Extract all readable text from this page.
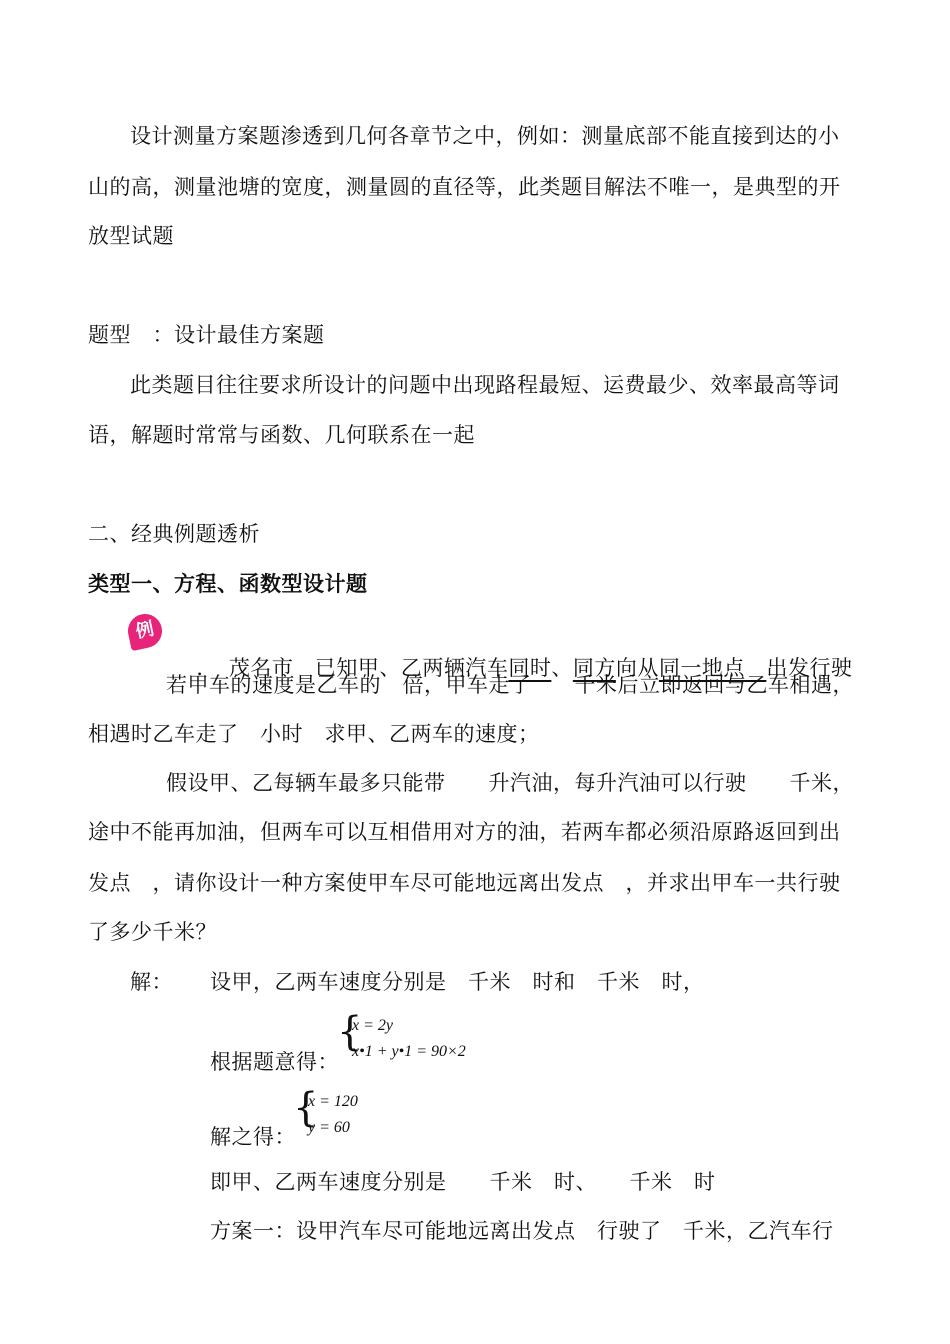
设计测量方案题渗透到几何各章节之中，例如：测量底部不能直接到达的小
山的高，测量池塘的宽度，测量圆的直径等，此类题目解法不唯一，是典型的开
放型试题
题型　：设计最佳方案题
此类题目往往要求所设计的问题中出现路程最短、运费最少、效率最高等词
语，解题时常常与函数、几何联系在一起
二、经典例题透析
类型一、方程、函数型设计题
例

．　茂名市　已知甲、乙两辆汽车同时、同方向从同一地点　出发行驶

若甲车的速度是乙车的　倍，甲车走了　　千米后立即返回与乙车相遇，
相遇时乙车走了　小时　求甲、乙两车的速度；
假设甲、乙每辆车最多只能带　　升汽油，每升汽油可以行驶　　千米，
途中不能再加油，但两车可以互相借用对方的油，若两车都必须沿原路返回到出
发点　，请你设计一种方案使甲车尽可能地远离出发点　，并求出甲车一共行驶
了多少千米？
解：	设甲，乙两车速度分别是　千米　时和　千米　时，
{
x = 2y
x•1 + y•1 = 90×2
根据题意得：
{
x = 120
y = 60
解之得：
即甲、乙两车速度分别是　　千米　时、　　千米　时
方案一：设甲汽车尽可能地远离出发点　行驶了　千米，乙汽车行
